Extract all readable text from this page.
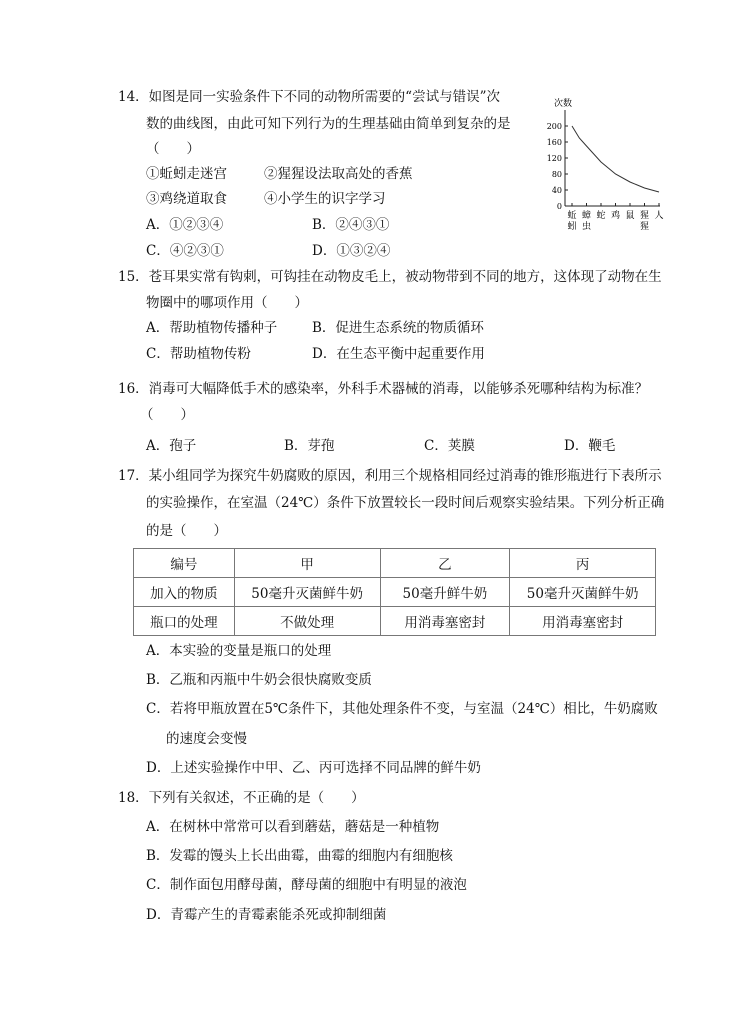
14．如图是同一实验条件下不同的动物所需要的“尝试与错误”次
数的曲线图，由此可知下列行为的生理基础由简单到复杂的是
（　　）
①蚯蚓走迷宫	②猩猩设法取高处的香蕉
③鸡绕道取食	④小学生的识字学习
A．①②③④	B．②④③①
C．④②③①	D．①③②④
次数
0
40
80
120
160
200
蚯
蚓
蟑
虫
蛇 鸡 鼠 猩
猩
人
15．苍耳果实常有钩刺，可钩挂在动物皮毛上，被动物带到不同的地方，这体现了动物在生
物圈中的哪项作用（　　）
A．帮助植物传播种子	B．促进生态系统的物质循环
C．帮助植物传粉	D．在生态平衡中起重要作用
16．消毒可大幅降低手术的感染率，外科手术器械的消毒，以能够杀死哪种结构为标准？
（　　）
A．孢子	B．芽孢	C．荚膜	D．鞭毛
17．某小组同学为探究牛奶腐败的原因，利用三个规格相同经过消毒的锥形瓶进行下表所示
的实验操作，在室温（24℃）条件下放置较长一段时间后观察实验结果。下列分析正确
的是（　　）
编号	甲	乙	丙
加入的物质	50毫升灭菌鲜牛奶	50毫升鲜牛奶	50毫升灭菌鲜牛奶
瓶口的处理	不做处理	用消毒塞密封	用消毒塞密封
A．本实验的变量是瓶口的处理
B．乙瓶和丙瓶中牛奶会很快腐败变质
C．若将甲瓶放置在5℃条件下，其他处理条件不变，与室温（24℃）相比，牛奶腐败
的速度会变慢
D．上述实验操作中甲、乙、丙可选择不同品牌的鲜牛奶
18．下列有关叙述，不正确的是（　　）
A．在树林中常常可以看到蘑菇，蘑菇是一种植物
B．发霉的馒头上长出曲霉，曲霉的细胞内有细胞核
C．制作面包用酵母菌，酵母菌的细胞中有明显的液泡
D．青霉产生的青霉素能杀死或抑制细菌
